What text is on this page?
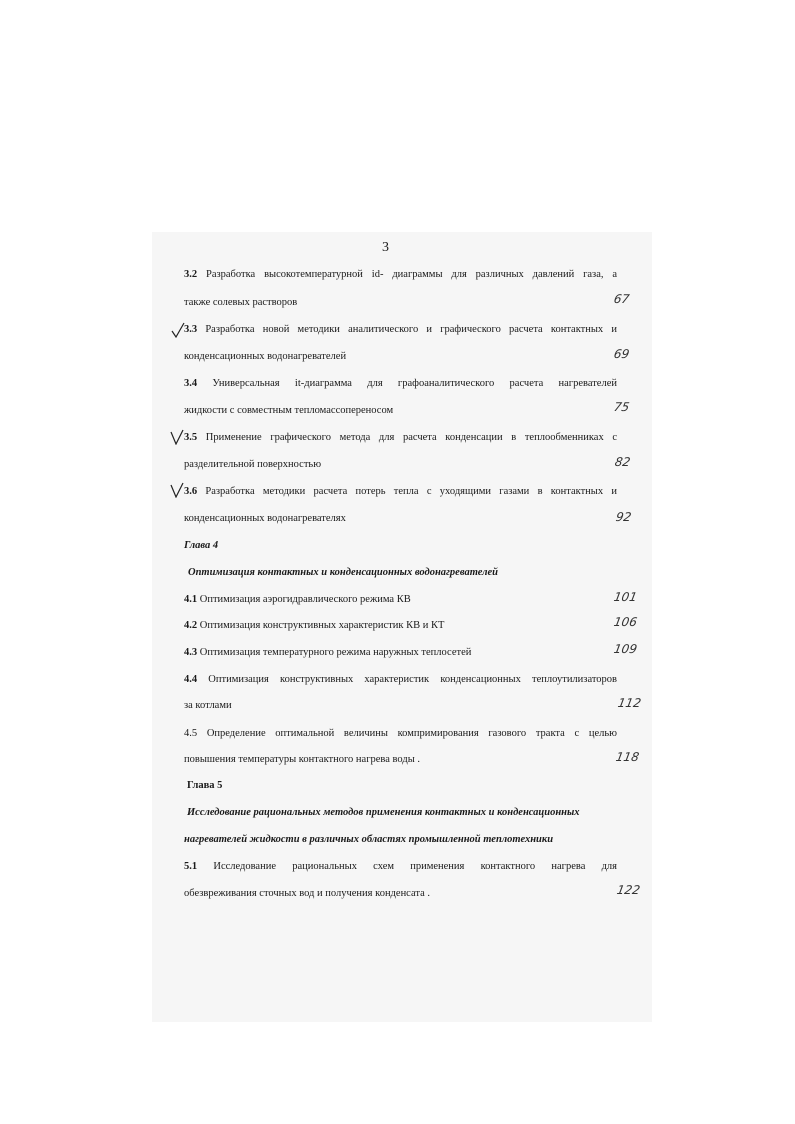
3
3.2 Разработка высокотемпературной id- диаграммы для различных давлений газа, а
также солевых растворов	67
3.3 Разработка новой методики аналитического и графического расчета контактных и
конденсационных водонагревателей	69
3.4 Универсальная it-диаграмма для графоаналитического расчета нагревателей
жидкости с совместным тепломассопереносом	75
3.5 Применение графического метода для расчета конденсации в теплообменниках с
разделительной поверхностью	82
3.6 Разработка методики расчета потерь тепла с уходящими газами в контактных и
конденсационных водонагревателях	92
Глава 4
Оптимизация контактных и конденсационных водонагревателей
4.1 Оптимизация аэрогидравлического режима КВ	101
4.2 Оптимизация конструктивных характеристик КВ и КТ	106
4.3 Оптимизация температурного режима наружных теплосетей	109
4.4 Оптимизация конструктивных характеристик конденсационных теплоутилизаторов
за котлами	112
4.5 Определение оптимальной величины компримирования газового тракта с целью
повышения температуры контактного нагрева воды .	118
Глава 5
Исследование рациональных методов применения контактных и конденсационных
нагревателей жидкости в различных областях промышленной теплотехники
5.1 Исследование рациональных схем применения контактного нагрева для
обезвреживания сточных вод и получения конденсата .	122
